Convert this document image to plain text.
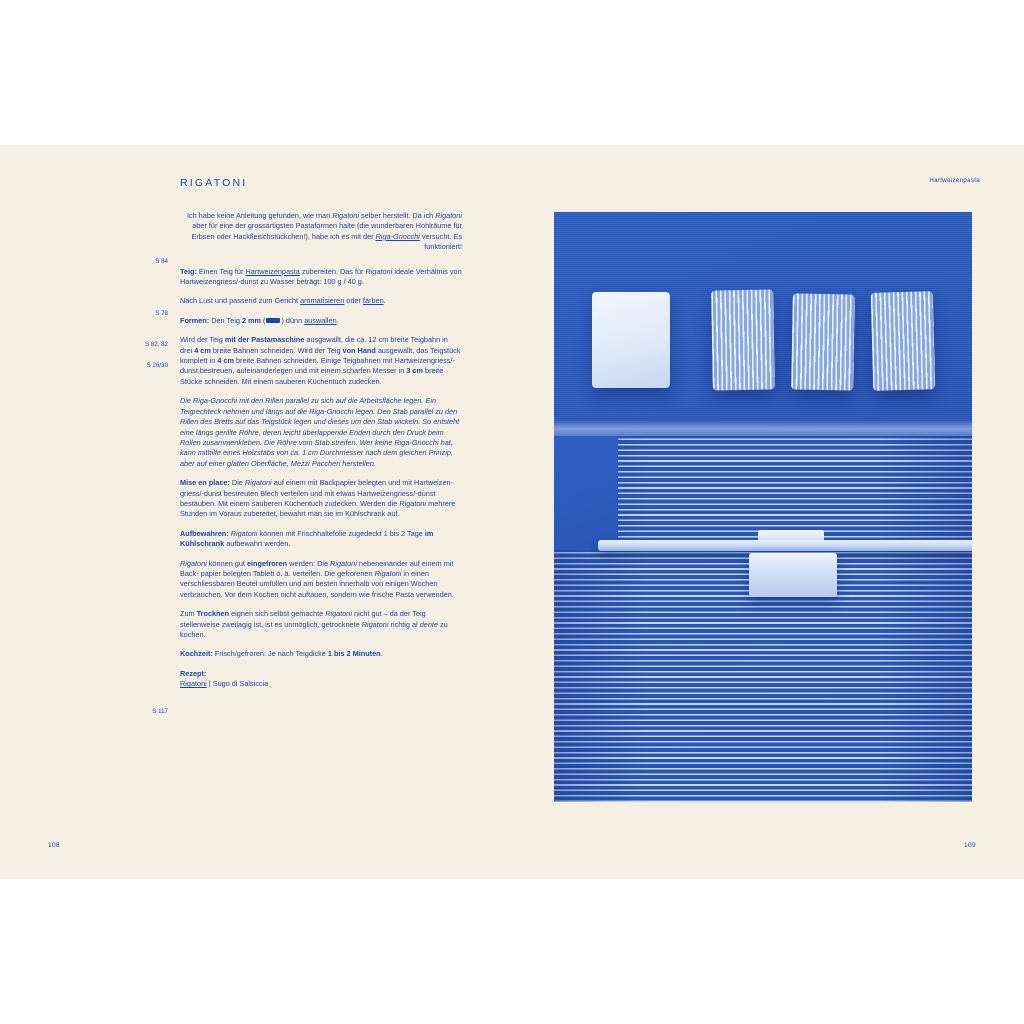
RIGATONI
S 84
S 78
S 82, 82
S 26/30
S 117

Ich habe keine Anleitung gefunden, wie man Rigatoni selber herstellt. Da ich Rigatoni aber für eine der grossartigsten Pastaformen halte (die wunderbaren Hohlräume für Erbsen oder Hackfleischstückchen!), habe ich es mit der Riga-Gnocchi versucht. Es funktioniert!

Teig: Einen Teig für Hartweizenpasta zubereiten. Das für Rigatoni ideale Verhältnis von Hartweizengriess/-dunst zu Wasser beträgt: 100 g / 40 g.

Nach Lust und passend zum Gericht aromatisieren oder färben.

Formen: Den Teig 2 mm ( ) dünn auswallen.

Wird der Teig mit der Pastamaschine ausgewallt, die ca. 12 cm breite Teigbahn in drei 4 cm breite Bahnen schneiden. Wird der Teig von Hand ausgewallt, das Teigstück komplett in 4 cm breite Bahnen schneiden. Einige Teigbahnen mit Hartweizengriess/-dunst bestreuen, aufeinanderlegen und mit einem scharfen Messer in 3 cm breite Stücke schneiden. Mit einem sauberen Küchentuch zudecken.

Die Riga-Gnocchi mit den Rillen parallel zu sich auf die Arbeitsfläche legen. Ein Teigrechteck nehmen und längs auf die Riga-Gnocchi legen. Den Stab parallel zu den Rillen des Bretts auf das Teigstück legen und dieses um den Stab wickeln. So entsteht eine längs gerillte Röhre, deren leicht überlappende Enden durch den Druck beim Rollen zusammenkleben. Die Röhre vom Stab streifen. Wer keine Riga-Gnocchi hat, kann mithilfe eines Holzstabs von ca. 1 cm Durchmesser nach dem gleichen Prinzip, aber auf einer glatten Oberfläche, Mezzi Paccheri herstellen.

Mise en place: Die Rigatoni auf einem mit Backpapier belegten und mit Hartweizen- griess/-dunst bestreuten Blech verteilen und mit etwas Hartweizengriess/-dunst bestäuben. Mit einem sauberen Küchentuch zudecken. Werden die Rigatoni mehrere Stunden im Voraus zubereitet, bewahrt man sie im Kühlschrank auf.

Aufbewahren: Rigatoni können mit Frischhaltefolie zugedeckt 1 bis 2 Tage im Kühlschrank aufbewahrt werden.

Rigatoni können gut eingefroren werden: Die Rigatoni nebeneinander auf einem mit Back- papier belegten Tablett o. ä. verteilen. Die gefrorenen Rigatoni in einen verschliessbaren Beutel umfüllen und am besten innerhalb von einigen Wochen verbrauchen. Vor dem Kochen nicht auftauen, sondern wie frische Pasta verwenden.

Zum Trocknen eignen sich selbst gemachte Rigatoni nicht gut – da der Teig stellenweise zweilagig ist, ist es unmöglich, getrocknete Rigatoni richtig al dente zu kochen.

Kochzeit: Frisch/gefroren: Je nach Teigdicke 1 bis 2 Minuten.

Rezept:

Rigatoni | Sugo di Salsiccia

108
Hartweizenpasta
109
